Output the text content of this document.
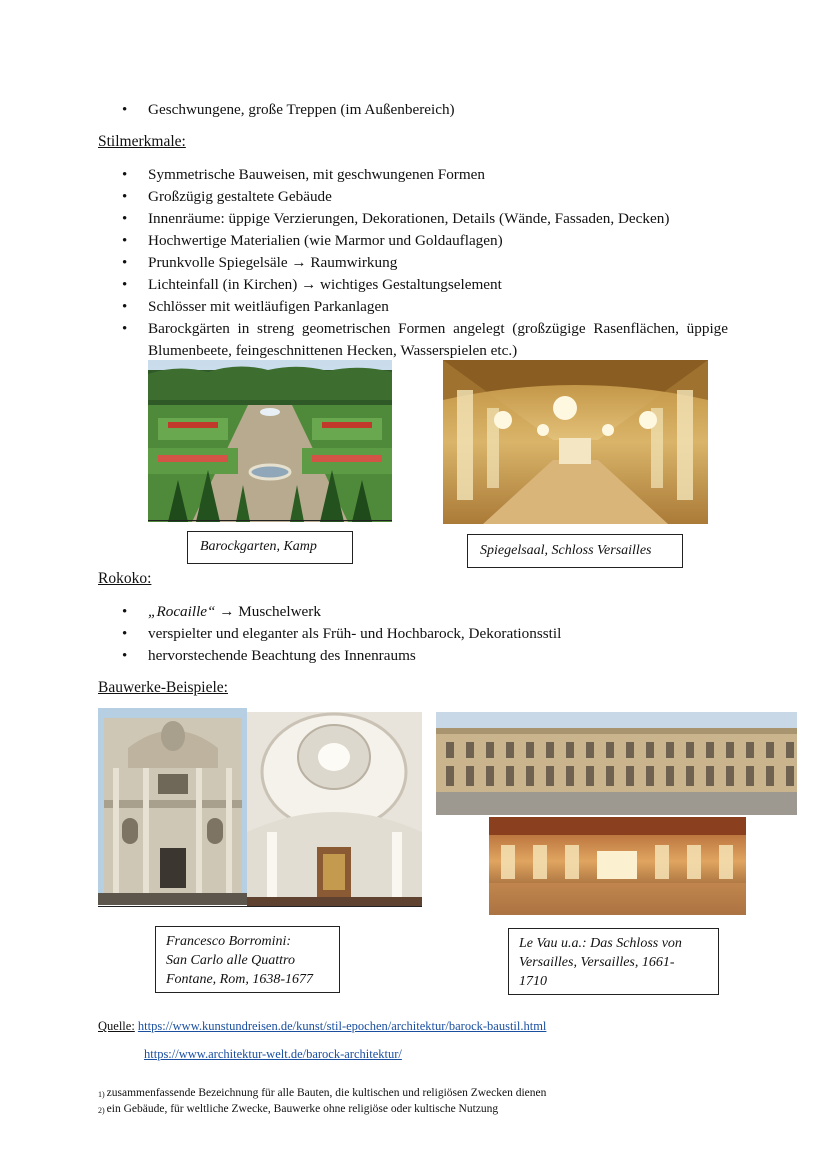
• Geschwungene, große Treppen (im Außenbereich)
Stilmerkmale:
• Symmetrische Bauweisen, mit geschwungenen Formen
• Großzügig gestaltete Gebäude
• Innenräume: üppige Verzierungen, Dekorationen, Details (Wände, Fassaden, Decken)
• Hochwertige Materialien (wie Marmor und Goldauflagen)
• Prunkvolle Spiegelsäle → Raumwirkung
• Lichteinfall (in Kirchen) → wichtiges Gestaltungselement
• Schlösser mit weitläufigen Parkanlagen
• Barockgärten in streng geometrischen Formen angelegt (großzügige Rasenflächen, üppige Blumenbeete, feingeschnittenen Hecken, Wasserspielen etc.)
Barockgarten, Kamp	Spiegelsaal, Schloss Versailles
Rokoko:
• „Rocaille“ → Muschelwerk
• verspielter und eleganter als Früh- und Hochbarock, Dekorationsstil
• hervorstechende Beachtung des Innenraums
Bauwerke-Beispiele:
Francesco Borromini:
San Carlo alle Quattro
Fontane, Rom, 1638-1677
Le Vau u.a.: Das Schloss von
Versailles, Versailles, 1661-
1710
Quelle: https://www.kunstundreisen.de/kunst/stil-epochen/architektur/barock-baustil.html
https://www.architektur-welt.de/barock-architektur/
$_{1)}$ zusammenfassende Bezeichnung für alle Bauten, die kultischen und religiösen Zwecken dienen
$_{2)}$ ein Gebäude, für weltliche Zwecke, Bauwerke ohne religiöse oder kultische Nutzung
